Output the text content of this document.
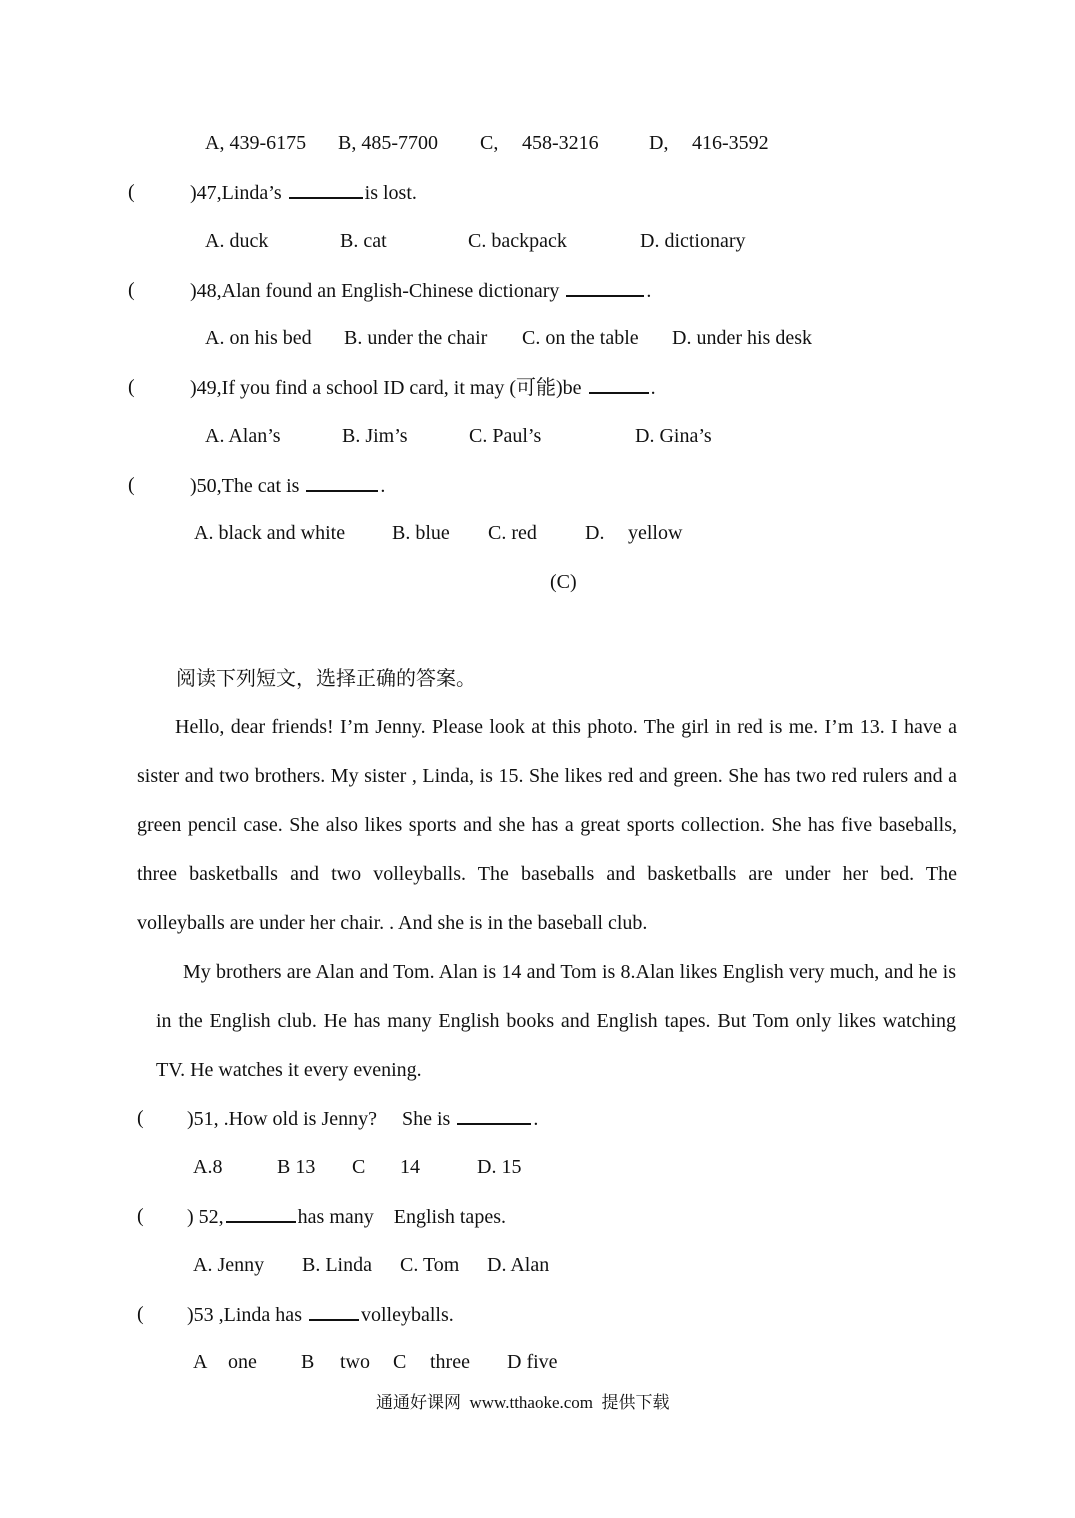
A, 439-6175 B, 485-7700 C, 458-3216	D, 416-3592
(	)47,Linda’s	is lost.
A. duck	B. cat	C. backpack	D. dictionary
(	)48,Alan found an English-Chinese dictionary	.
A. on his bed B. under the chair C. on the table D. under his desk
(	)49,If you find a school ID card, it may (可能)be	.
A. Alan’s	B. Jim’s	C. Paul’s	D. Gina’s
(	)50,The cat is	.
A. black and white B. blue C. red D. yellow
(C)
阅读下列短文，选择正确的答案。
Hello, dear friends! I’m Jenny. Please look at this photo. The girl in red is me. I’m 13. I have a sister and two brothers. My sister , Linda, is 15. She likes red and green. She has two red rulers and a green pencil case. She also likes sports and she has a great sports collection. She has five baseballs, three basketballs and two volleyballs. The baseballs and basketballs are under her bed. The volleyballs are under her chair. . And she is in the baseball club.
My brothers are Alan and Tom. Alan is 14 and Tom is 8.Alan likes English very much, and he is in the English club. He has many English books and English tapes. But Tom only likes watching TV. He watches it every evening.
( )51, .How old is Jenny? She is	.
A.8	B 13 C 14	D. 15
( ) 52,	has many English tapes.
A. Jenny B. Linda C. Tom D. Alan
( )53 ,Linda has	volleyballs.
A one B two C three D five
通通好课网  www.tthaoke.com  提供下载
